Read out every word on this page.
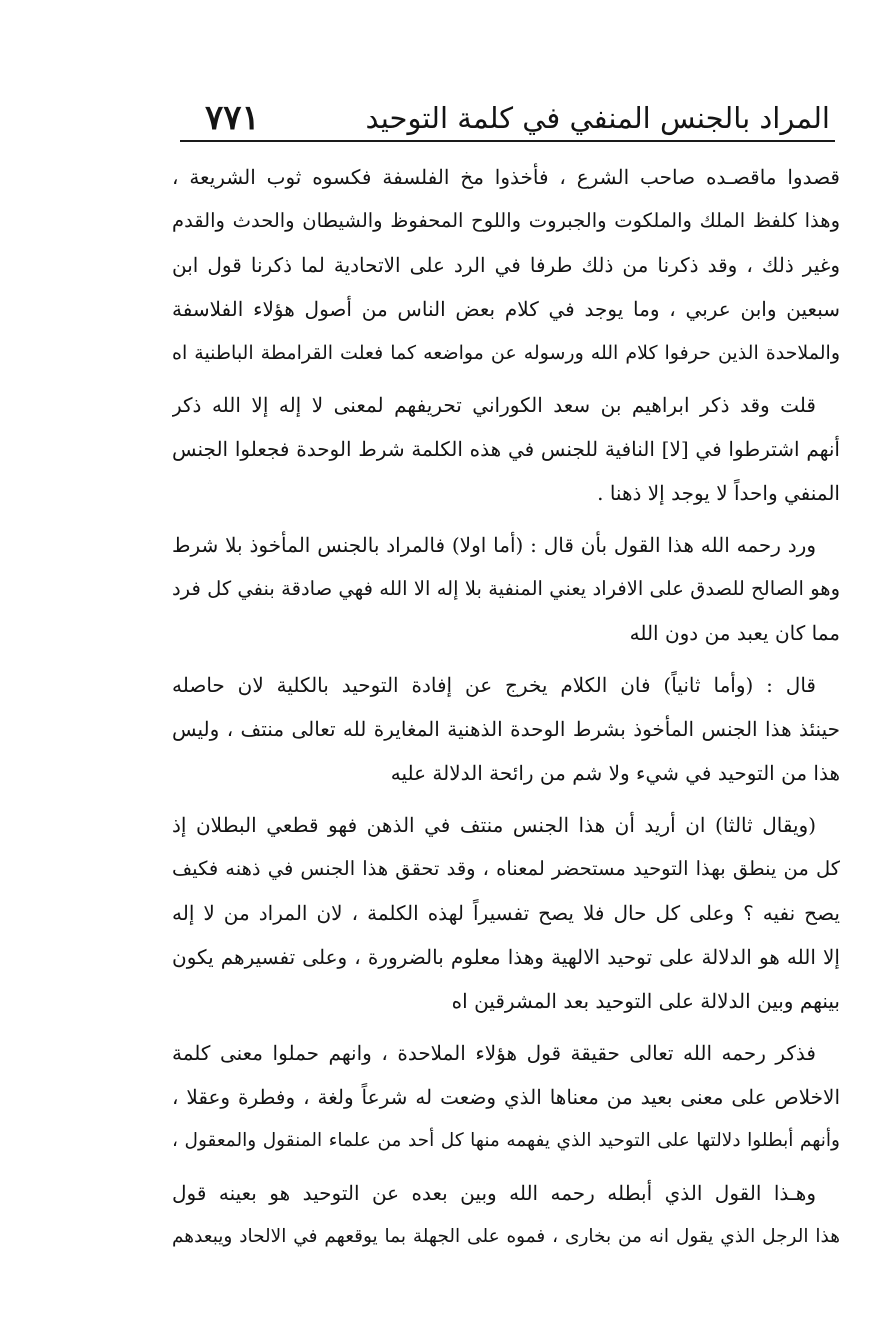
المراد بالجنس المنفي في كلمة التوحيد
٧٧١
قصدوا ماقصـده صاحب الشرع ، فأخذوا مخ الفلسفة فكسوه ثوب الشريعة ،
وهذا كلفظ الملك والملكوت والجبروت واللوح المحفوظ والشيطان والحدث والقدم
وغير ذلك ، وقد ذكرنا من ذلك طرفا في الرد على الاتحادية لما ذكرنا قول ابن
سبعين وابن عربي ، وما يوجد في كلام بعض الناس من أصول هؤلاء الفلاسفة
والملاحدة الذين حرفوا كلام الله ورسوله عن مواضعه كما فعلت القرامطة الباطنية اه
قلت وقد ذكر ابراهيم بن سعد الكوراني تحريفهم لمعنى لا إله إلا الله ذكر
أنهم اشترطوا في [لا] النافية للجنس في هذه الكلمة شرط الوحدة فجعلوا الجنس
المنفي واحداً لا يوجد إلا ذهنا .
ورد رحمه الله هذا القول بأن قال : (أما اولا) فالمراد بالجنس المأخوذ بلا شرط
وهو الصالح للصدق على الافراد يعني المنفية بلا إله الا الله فهي صادقة بنفي كل فرد
مما كان يعبد من دون الله
قال : (وأما ثانياً) فان الكلام يخرج عن إفادة التوحيد بالكلية لان حاصله
حينئذ هذا الجنس المأخوذ بشرط الوحدة الذهنية المغايرة لله تعالى منتف ، وليس
هذا من التوحيد في شيء ولا شم من رائحة الدلالة عليه
(ويقال ثالثا) ان أريد أن هذا الجنس منتف في الذهن فهو قطعي البطلان إذ
كل من ينطق بهذا التوحيد مستحضر لمعناه ، وقد تحقق هذا الجنس في ذهنه فكيف
يصح نفيه ؟ وعلى كل حال فلا يصح تفسيراً لهذه الكلمة ، لان المراد من لا إله
إلا الله هو الدلالة على توحيد الالهية وهذا معلوم بالضرورة ، وعلى تفسيرهم يكون
بينهم وبين الدلالة على التوحيد بعد المشرقين اه
فذكر رحمه الله تعالى حقيقة قول هؤلاء الملاحدة ، وانهم حملوا معنى كلمة
الاخلاص على معنى بعيد من معناها الذي وضعت له شرعاً ولغة ، وفطرة وعقلا ،
وأنهم أبطلوا دلالتها على التوحيد الذي يفهمه منها كل أحد من علماء المنقول والمعقول ،
وهـذا القول الذي أبطله رحمه الله وبين بعده عن التوحيد هو بعينه قول
هذا الرجل الذي يقول انه من بخارى ، فموه على الجهلة بما يوقعهم في الالحاد ويبعدهم
